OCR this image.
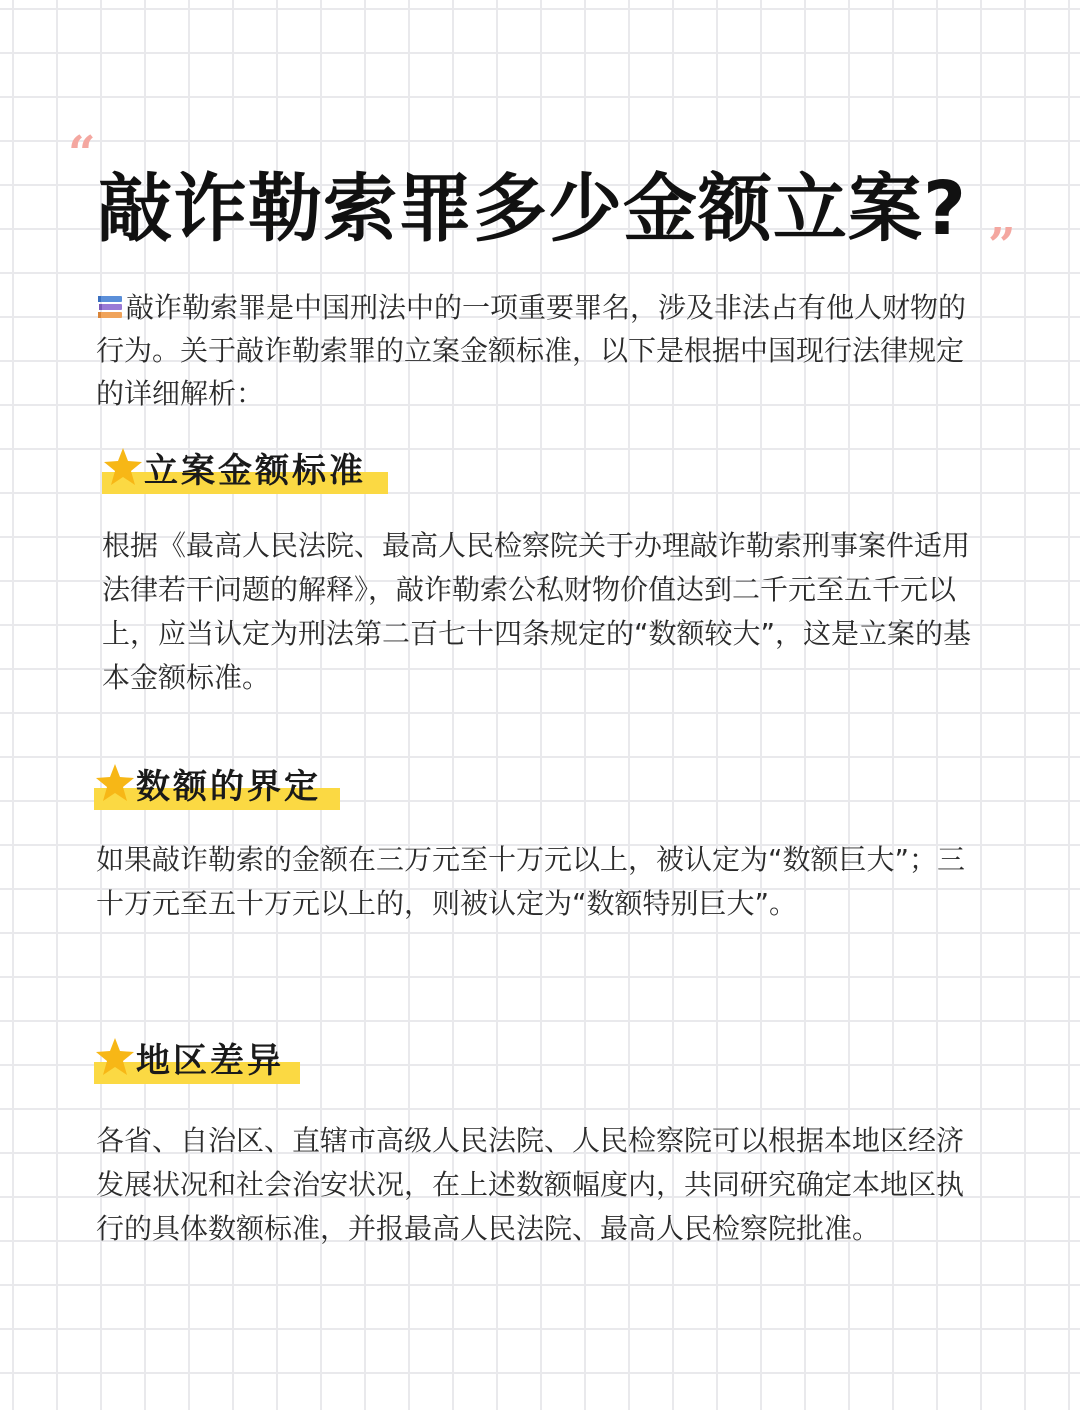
“
敲诈勒索罪多少金额立案? ”
敲诈勒索罪是中国刑法中的一项重要罪名，涉及非法占有他人财物的行为。关于敲诈勒索罪的立案金额标准，以下是根据中国现行法律规定的详细解析：
立案金额标准
根据《最高人民法院、最高人民检察院关于办理敲诈勒索刑事案件适用法律若干问题的解释》，敲诈勒索公私财物价值达到二千元至五千元以上，应当认定为刑法第二百七十四条规定的“数额较大”，这是立案的基本金额标准。
数额的界定
如果敲诈勒索的金额在三万元至十万元以上，被认定为“数额巨大”；三十万元至五十万元以上的，则被认定为“数额特别巨大”。
地区差异
各省、自治区、直辖市高级人民法院、人民检察院可以根据本地区经济发展状况和社会治安状况，在上述数额幅度内，共同研究确定本地区执行的具体数额标准，并报最高人民法院、最高人民检察院批准。
